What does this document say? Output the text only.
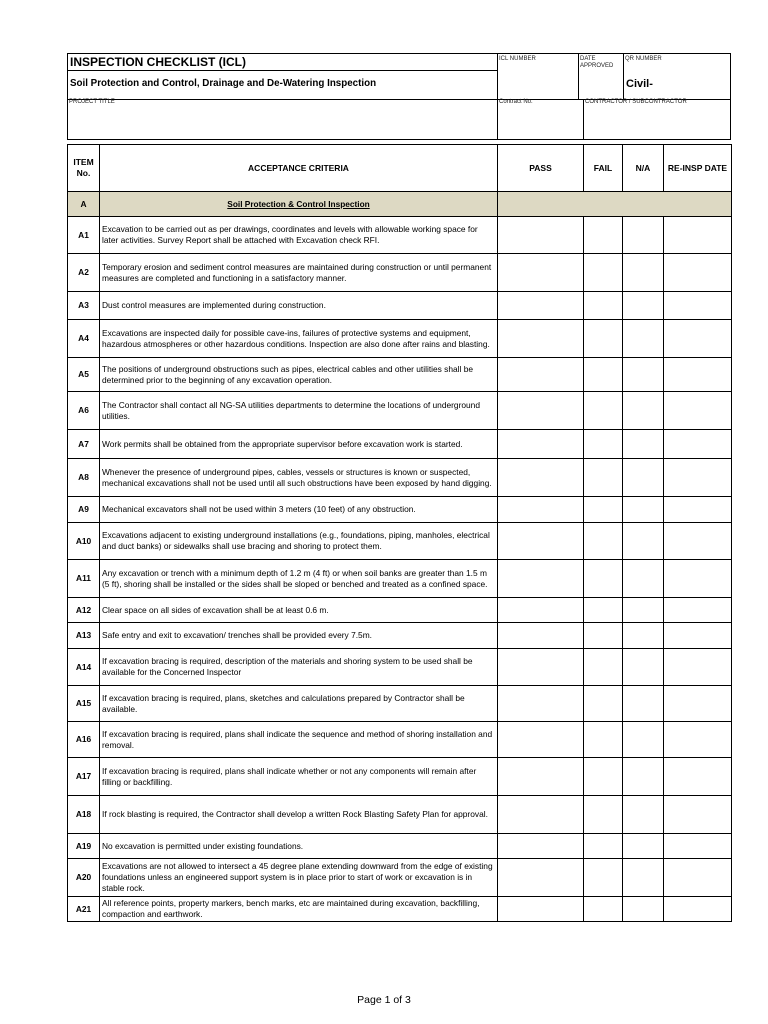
INSPECTION CHECKLIST (ICL)
Soil Protection and Control, Drainage and De-Watering Inspection
ICL NUMBER	DATE
APPROVED
QR NUMBER
Civil-
PROJECT TITLE	Contract No.	CONTRACTOR / SUBCONTRACTOR
ITEM
No.	ACCEPTANCE CRITERIA	PASS	FAIL	N/A	RE-INSP DATE
A	Soil Protection & Control Inspection				
A1	Excavation to be carried out as per drawings, coordinates and levels with allowable working space for later activities. Survey Report shall be attached with Excavation check RFI.				
A2	Temporary erosion and sediment control measures are maintained during construction or until permanent measures are completed and functioning in a satisfactory manner.				
A3	Dust control measures are implemented during construction.				
A4	Excavations are inspected daily for possible cave-ins, failures of protective systems and equipment, hazardous atmospheres or other hazardous conditions. Inspection are also done after rains and blasting.				
A5	The positions of underground obstructions such as pipes, electrical cables and other utilities shall be determined prior to the beginning of any excavation operation.				
A6	The Contractor shall contact all NG-SA utilities departments to determine the locations of underground utilities.				
A7	Work permits shall be obtained from the appropriate supervisor before excavation work is started.				
A8	Whenever the presence of underground pipes, cables, vessels or structures is known or suspected, mechanical excavations shall not be used until all such obstructions have been exposed by hand digging.				
A9	Mechanical excavators shall not be used within 3 meters (10 feet) of any obstruction.				
A10	Excavations adjacent to existing underground installations (e.g., foundations, piping, manholes, electrical and duct banks) or sidewalks shall use bracing and shoring to protect them.				
A11	Any excavation or trench with a minimum depth of 1.2 m (4 ft) or when soil banks are greater than 1.5 m (5 ft), shoring shall be installed or the sides shall be sloped or benched and treated as a confined space.				
A12	Clear space on all sides of excavation shall be at least 0.6 m.				
A13	Safe entry and exit to excavation/ trenches shall be provided every 7.5m.				
A14	If excavation bracing is required, description of the materials and shoring system to be used shall be available for the Concerned Inspector				
A15	If excavation bracing is required, plans, sketches and calculations prepared by Contractor shall be available.				
A16	If excavation bracing is required, plans shall indicate the sequence and method of shoring installation and removal.				
A17	If excavation bracing is required, plans shall indicate whether or not any components will remain after filling or backfilling.				
A18	If rock blasting is required, the Contractor shall develop a written Rock Blasting Safety Plan for approval.				
A19	No excavation is permitted under existing foundations.				
A20	Excavations are not allowed to intersect a 45 degree plane extending downward from the edge of existing foundations unless an engineered support system is in place prior to start of work or excavation is in stable rock.				
A21	All reference points, property markers, bench marks, etc are maintained during excavation, backfilling, compaction and earthwork.				
Page 1 of 3
